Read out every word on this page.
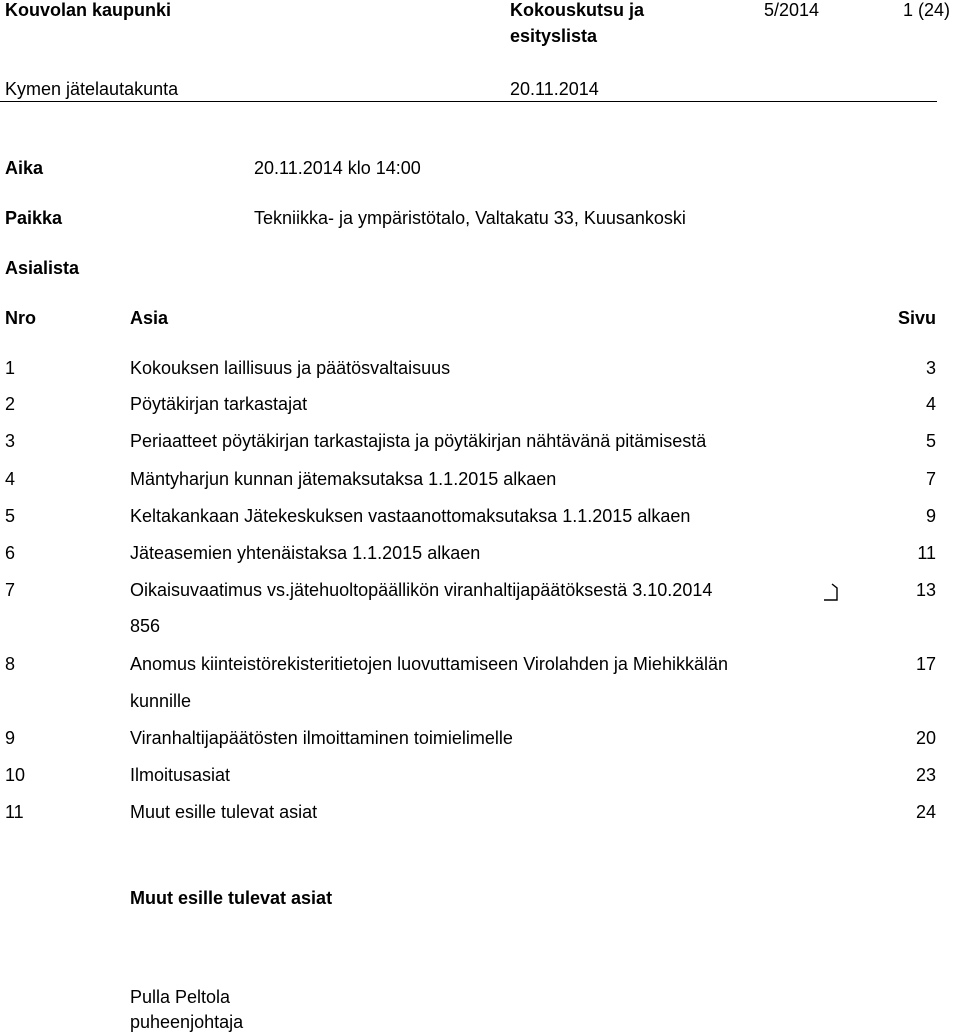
Kouvolan kaupunki	Kokouskutsu ja
esityslista
5/2014	1 (24)
Kymen jätelautakunta	20.11.2014
Aika	20.11.2014 klo 14:00
Paikka	Tekniikka- ja ympäristötalo, Valtakatu 33, Kuusankoski
Asialista
Nro	Asia	Sivu
1	Kokouksen laillisuus ja päätösvaltaisuus	3
2	Pöytäkirjan tarkastajat	4
3	Periaatteet pöytäkirjan tarkastajista ja pöytäkirjan nähtävänä pitämisestä	5
4	Mäntyharjun kunnan jätemaksutaksa 1.1.2015 alkaen	7
5	Keltakankaan Jätekeskuksen vastaanottomaksutaksa 1.1.2015 alkaen	9
6	Jäteasemien yhtenäistaksa 1.1.2015 alkaen	11
7	Oikaisuvaatimus vs.jätehuoltopäällikön viranhaltijapäätöksestä 3.10.2014	13
856
8	Anomus kiinteistörekisteritietojen luovuttamiseen Virolahden ja Miehikkälän	17
kunnille
9	Viranhaltijapäätösten ilmoittaminen toimielimelle	20
10	Ilmoitusasiat	23
11	Muut esille tulevat asiat	24
Muut esille tulevat asiat
Pulla Peltola
puheenjohtaja
